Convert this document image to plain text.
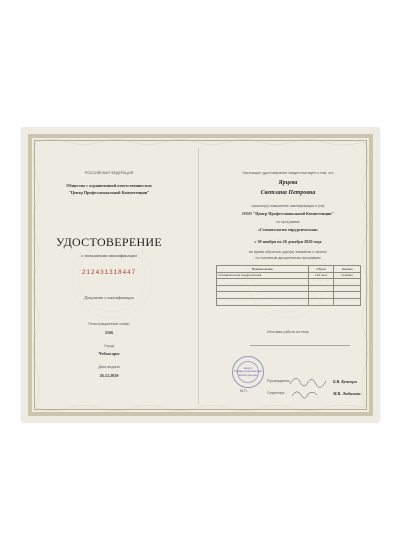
РОССИЙСКАЯ ФЕДЕРАЦИЯ
Общество с ограниченной ответственностью
"Центр Профессиональной Компетенции"
УДОСТОВЕРЕНИЕ
о повышении квалификации
212431318447
Документ о квалификации
Регистрационный номер
2166
Город
Чебоксары
Дата выдачи
26.12.2020
Настоящее удостоверение свидетельствует о том, что
Ярцева
Светлана Петровна
прошел(а) повышение квалификации в (на)
ООО "Центр Профессиональной Компетенции"
по программе
«Стоматология хирургическая»
с 30 ноября по 26 декабря 2020 года
во время обучения сдал(а) экзамены и зачеты
по основным дисциплинам программы
Наименование	Объем	Оценка
Стоматология хирургическая	144 часа	отлично

Итоговая работа на тему
Центр Профессиональной Компетенции
М.П.
Руководитель
Секретарь
Б.В. Кузнецов
М.В. Любимова
